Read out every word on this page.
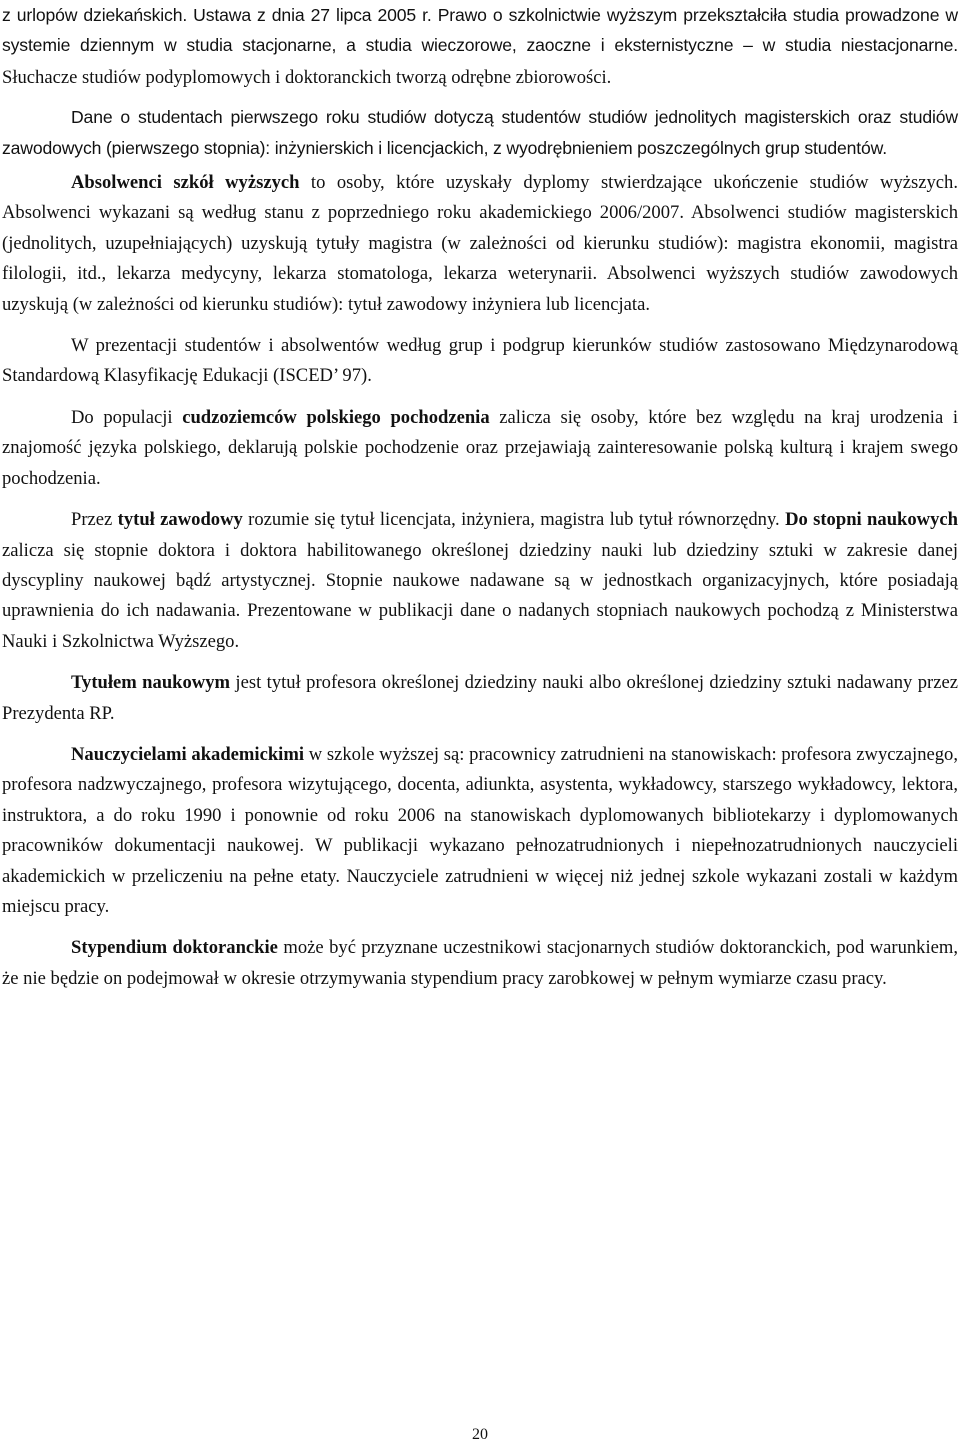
z urlopów dziekańskich. Ustawa z dnia 27 lipca 2005 r. Prawo o szkolnictwie wyższym przekształciła studia prowadzone w systemie dziennym w studia stacjonarne, a studia wieczorowe, zaoczne i eksternistyczne – w studia niestacjonarne. Słuchacze studiów podyplomowych i doktoranckich tworzą odrębne zbiorowości.

Dane o studentach pierwszego roku studiów dotyczą studentów studiów jednolitych magisterskich oraz studiów zawodowych (pierwszego stopnia): inżynierskich i licencjackich, z wyodrębnieniem poszczególnych grup studentów.

Absolwenci szkół wyższych to osoby, które uzyskały dyplomy stwierdzające ukończenie studiów wyższych. Absolwenci wykazani są według stanu z poprzedniego roku akademickiego 2006/2007. Absolwenci studiów magisterskich (jednolitych, uzupełniających) uzyskują tytuły magistra (w zależności od kierunku studiów): magistra ekonomii, magistra filologii, itd., lekarza medycyny, lekarza stomatologa, lekarza weterynarii. Absolwenci wyższych studiów zawodowych uzyskują (w zależności od kierunku studiów): tytuł zawodowy inżyniera lub licencjata.

W prezentacji studentów i absolwentów według grup i podgrup kierunków studiów zastosowano Międzynarodową Standardową Klasyfikację Edukacji (ISCED’ 97).

Do populacji cudzoziemców polskiego pochodzenia zalicza się osoby, które bez względu na kraj urodzenia i znajomość języka polskiego, deklarują polskie pochodzenie oraz przejawiają zainteresowanie polską kulturą i krajem swego pochodzenia.

Przez tytuł zawodowy rozumie się tytuł licencjata, inżyniera, magistra lub tytuł równorzędny. Do stopni naukowych zalicza się stopnie doktora i doktora habilitowanego określonej dziedziny nauki lub dziedziny sztuki w zakresie danej dyscypliny naukowej bądź artystycznej. Stopnie naukowe nadawane są w jednostkach organizacyjnych, które posiadają uprawnienia do ich nadawania. Prezentowane w publikacji dane o nadanych stopniach naukowych pochodzą z Ministerstwa Nauki i Szkolnictwa Wyższego.

Tytułem naukowym jest tytuł profesora określonej dziedziny nauki albo określonej dziedziny sztuki nadawany przez Prezydenta RP.

Nauczycielami akademickimi w szkole wyższej są: pracownicy zatrudnieni na stanowiskach: profesora zwyczajnego, profesora nadzwyczajnego, profesora wizytującego, docenta, adiunkta, asystenta, wykładowcy, starszego wykładowcy, lektora, instruktora, a do roku 1990 i ponownie od roku 2006 na stanowiskach dyplomowanych bibliotekarzy i dyplomowanych pracowników dokumentacji naukowej. W publikacji wykazano pełnozatrudnionych i niepełnozatrudnionych nauczycieli akademickich w przeliczeniu na pełne etaty. Nauczyciele zatrudnieni w więcej niż jednej szkole wykazani zostali w każdym miejscu pracy.

Stypendium doktoranckie może być przyznane uczestnikowi stacjonarnych studiów doktoranckich, pod warunkiem, że nie będzie on podejmował w okresie otrzymywania stypendium pracy zarobkowej w pełnym wymiarze czasu pracy.

20
